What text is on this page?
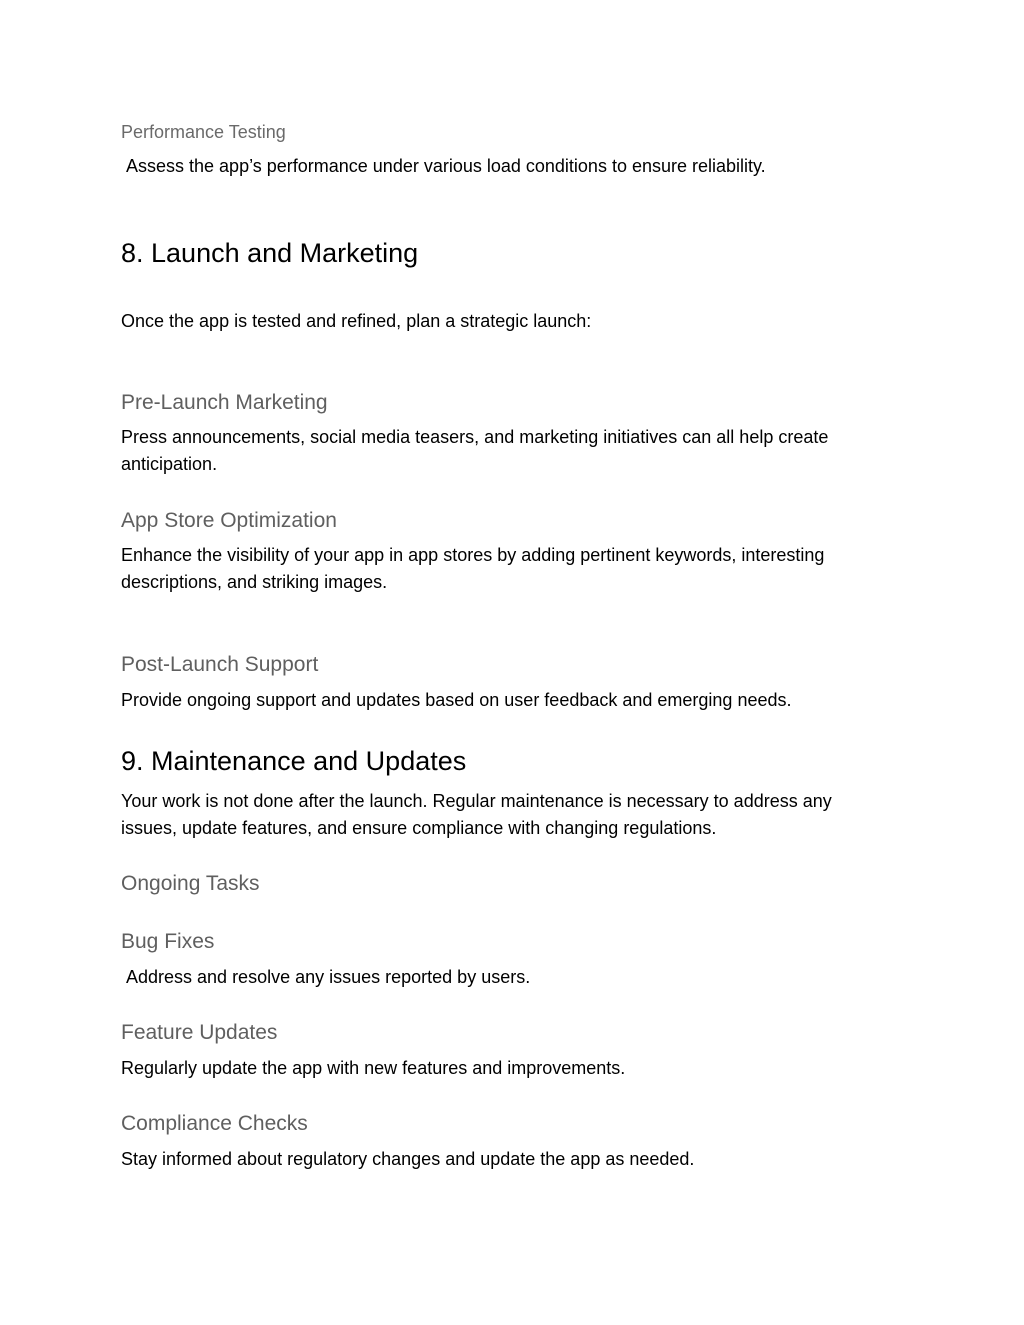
Performance Testing

Assess the app’s performance under various load conditions to ensure reliability.

8. Launch and Marketing

Once the app is tested and refined, plan a strategic launch:

Pre-Launch Marketing

Press announcements, social media teasers, and marketing initiatives can all help create anticipation.

App Store Optimization

Enhance the visibility of your app in app stores by adding pertinent keywords, interesting descriptions, and striking images.

Post-Launch Support

Provide ongoing support and updates based on user feedback and emerging needs.

9. Maintenance and Updates

Your work is not done after the launch. Regular maintenance is necessary to address any issues, update features, and ensure compliance with changing regulations.

Ongoing Tasks
Bug Fixes

Address and resolve any issues reported by users.

Feature Updates

Regularly update the app with new features and improvements.

Compliance Checks

Stay informed about regulatory changes and update the app as needed.
